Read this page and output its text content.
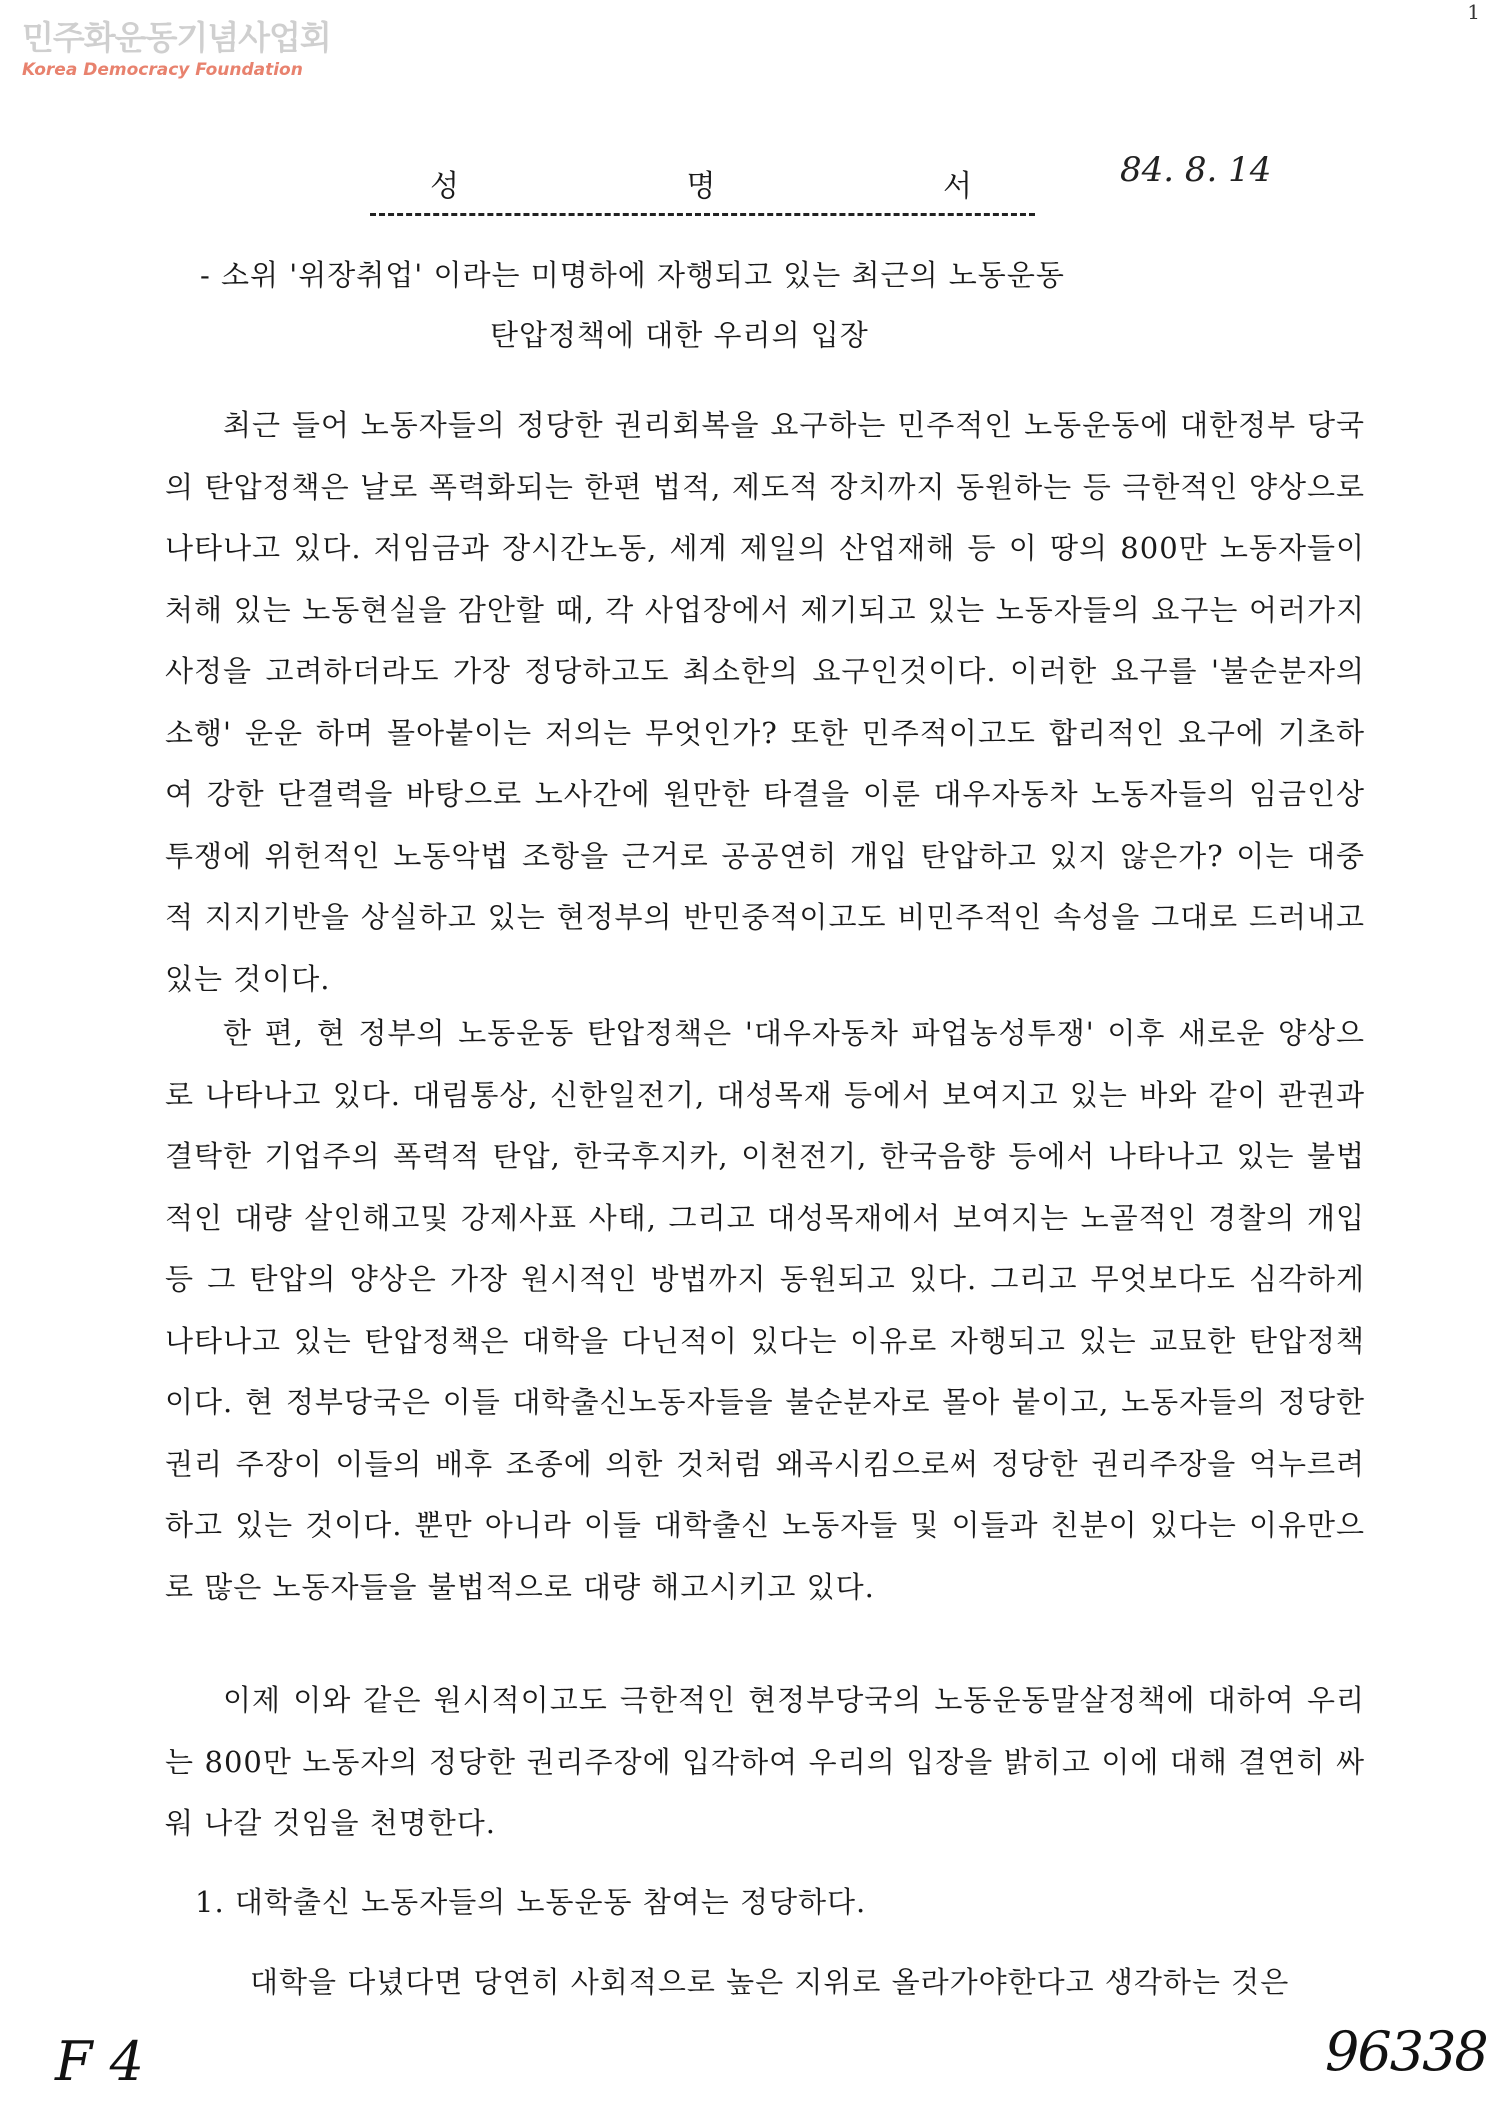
민주화운동기념사업회
Korea Democracy Foundation
1
성	명	서	84. 8. 14
- 소위 '위장취업' 이라는 미명하에 자행되고 있는 최근의 노동운동
탄압정책에 대한 우리의 입장

최근 들어 노동자들의 정당한 권리회복을 요구하는 민주적인 노동운동에 대한정부 당국의 탄압정책은 날로 폭력화되는 한편 법적, 제도적 장치까지 동원하는 등 극한적인 양상으로 나타나고 있다. 저임금과 장시간노동, 세계 제일의 산업재해 등 이 땅의 800만 노동자들이 처해 있는 노동현실을 감안할 때, 각 사업장에서 제기되고 있는 노동자들의 요구는 어러가지 사정을 고려하더라도 가장 정당하고도 최소한의 요구인것이다. 이러한 요구를 '불순분자의 소행' 운운 하며 몰아붙이는 저의는 무엇인가? 또한 민주적이고도 합리적인 요구에 기초하여 강한 단결력을 바탕으로 노사간에 원만한 타결을 이룬 대우자동차 노동자들의 임금인상투쟁에 위헌적인 노동악법 조항을 근거로 공공연히 개입 탄압하고 있지 않은가? 이는 대중적 지지기반을 상실하고 있는 현정부의 반민중적이고도 비민주적인 속성을 그대로 드러내고 있는 것이다.

한 편, 현 정부의 노동운동 탄압정책은 '대우자동차 파업농성투쟁' 이후 새로운 양상으로 나타나고 있다. 대림통상, 신한일전기, 대성목재 등에서 보여지고 있는 바와 같이 관권과 결탁한 기업주의 폭력적 탄압, 한국후지카, 이천전기, 한국음향 등에서 나타나고 있는 불법적인 대량 살인해고및 강제사표 사태, 그리고 대성목재에서 보여지는 노골적인 경찰의 개입 등 그 탄압의 양상은 가장 원시적인 방법까지 동원되고 있다. 그리고 무엇보다도 심각하게 나타나고 있는 탄압정책은 대학을 다닌적이 있다는 이유로 자행되고 있는 교묘한 탄압정책이다. 현 정부당국은 이들 대학출신노동자들을 불순분자로 몰아 붙이고, 노동자들의 정당한 권리 주장이 이들의 배후 조종에 의한 것처럼 왜곡시킴으로써 정당한 권리주장을 억누르려 하고 있는 것이다. 뿐만 아니라 이들 대학출신 노동자들 및 이들과 친분이 있다는 이유만으로 많은 노동자들을 불법적으로 대량 해고시키고 있다.

이제 이와 같은 원시적이고도 극한적인 현정부당국의 노동운동말살정책에 대하여 우리는 800만 노동자의 정당한 권리주장에 입각하여 우리의 입장을 밝히고 이에 대해 결연히 싸워 나갈 것임을 천명한다.

1. 대학출신 노동자들의 노동운동 참여는 정당하다.
대학을 다녔다면 당연히 사회적으로 높은 지위로 올라가야한다고 생각하는 것은
F 4	96338
